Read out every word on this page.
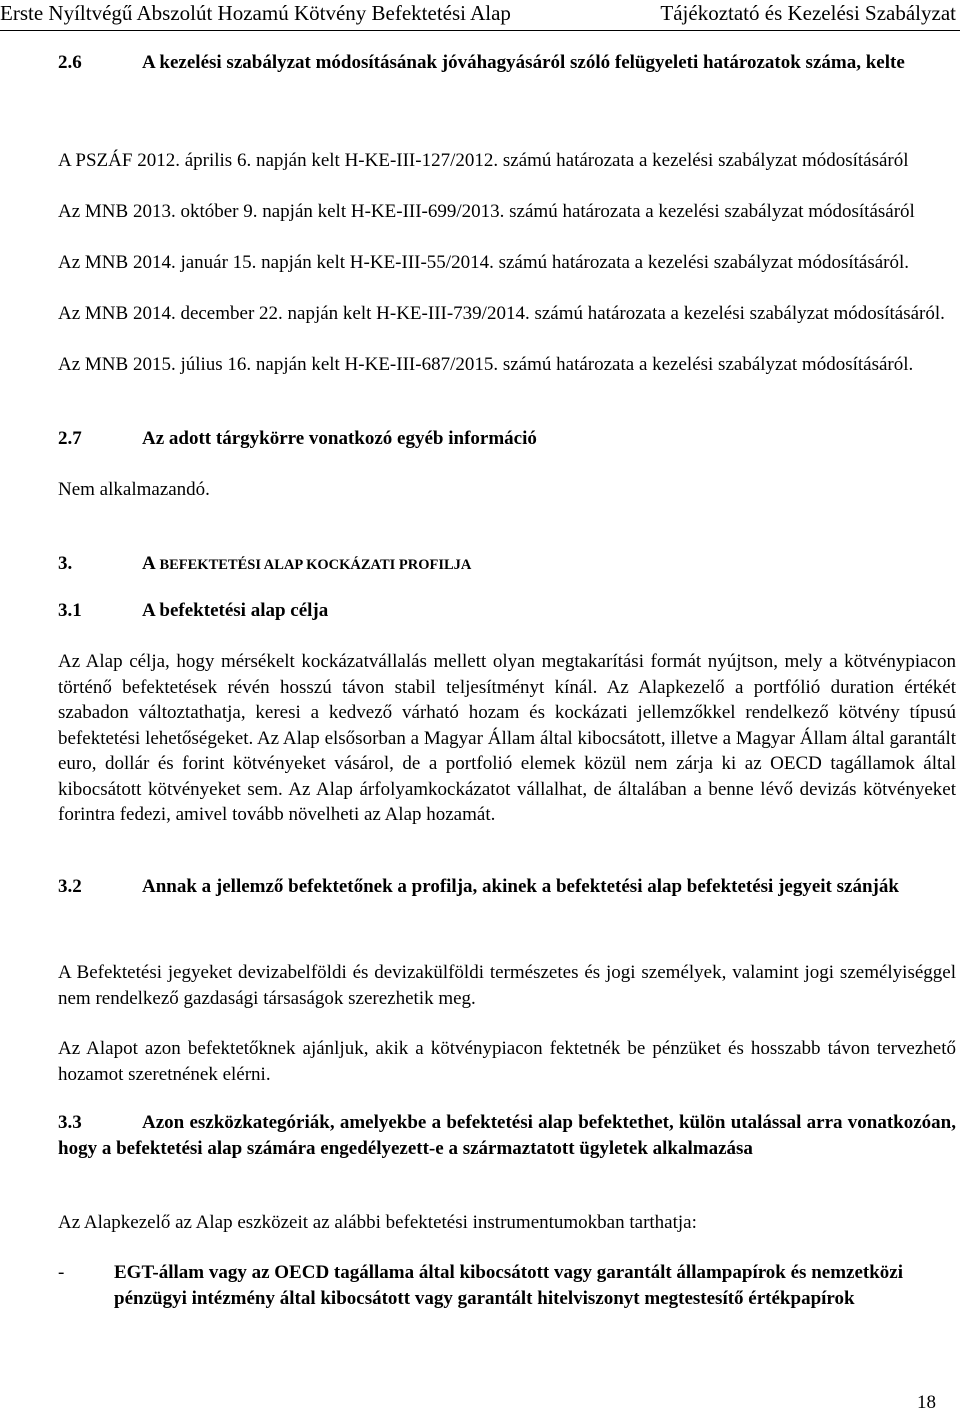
Erste Nyíltvégű Abszolút Hozamú Kötvény Befektetési Alap	Tájékoztató és Kezelési Szabályzat
2.6	A kezelési szabályzat módosításának jóváhagyásáról szóló felügyeleti határozatok száma, kelte
A PSZÁF 2012. április 6. napján kelt H-KE-III-127/2012. számú határozata a kezelési szabályzat módosításáról
Az MNB 2013. október 9. napján kelt H-KE-III-699/2013. számú határozata a kezelési szabályzat módosításáról
Az MNB 2014. január 15. napján kelt H-KE-III-55/2014. számú határozata a kezelési szabályzat módosításáról.
Az MNB 2014. december 22. napján kelt H-KE-III-739/2014. számú határozata a kezelési szabályzat módosításáról.
Az MNB 2015. július 16. napján kelt H-KE-III-687/2015. számú határozata a kezelési szabályzat módosításáról.
2.7	Az adott tárgykörre vonatkozó egyéb információ
Nem alkalmazandó.
3.	A BEFEKTETÉSI ALAP KOCKÁZATI PROFILJA
3.1	A befektetési alap célja
Az Alap célja, hogy mérsékelt kockázatvállalás mellett olyan megtakarítási formát nyújtson, mely a kötvénypiacon történő befektetések révén hosszú távon stabil teljesítményt kínál. Az Alapkezelő a portfólió duration értékét szabadon változtathatja, keresi a kedvező várható hozam és kockázati jellemzőkkel rendelkező kötvény típusú befektetési lehetőségeket. Az Alap elsősorban a Magyar Állam által kibocsátott, illetve a Magyar Állam által garantált euro, dollár és forint kötvényeket vásárol, de a portfolió elemek közül nem zárja ki az OECD tagállamok által kibocsátott kötvényeket sem. Az Alap árfolyamkockázatot vállalhat, de általában a benne lévő devizás kötvényeket forintra fedezi, amivel tovább növelheti az Alap hozamát.
3.2	Annak a jellemző befektetőnek a profilja, akinek a befektetési alap befektetési jegyeit szánják
A Befektetési jegyeket devizabelföldi és devizakülföldi természetes és jogi személyek, valamint jogi személyiséggel nem rendelkező gazdasági társaságok szerezhetik meg.
Az Alapot azon befektetőknek ajánljuk, akik a kötvénypiacon fektetnék be pénzüket és hosszabb távon tervezhető hozamot szeretnének elérni.
3.3	Azon eszközkategóriák, amelyekbe a befektetési alap befektethet, külön utalással arra vonatkozóan, hogy a befektetési alap számára engedélyezett-e a származtatott ügyletek alkalmazása
Az Alapkezelő az Alap eszközeit az alábbi befektetési instrumentumokban tarthatja:
-	EGT-állam vagy az OECD tagállama által kibocsátott vagy garantált állampapírok és nemzetközi pénzügyi intézmény által kibocsátott vagy garantált hitelviszonyt megtestesítő értékpapírok
18
